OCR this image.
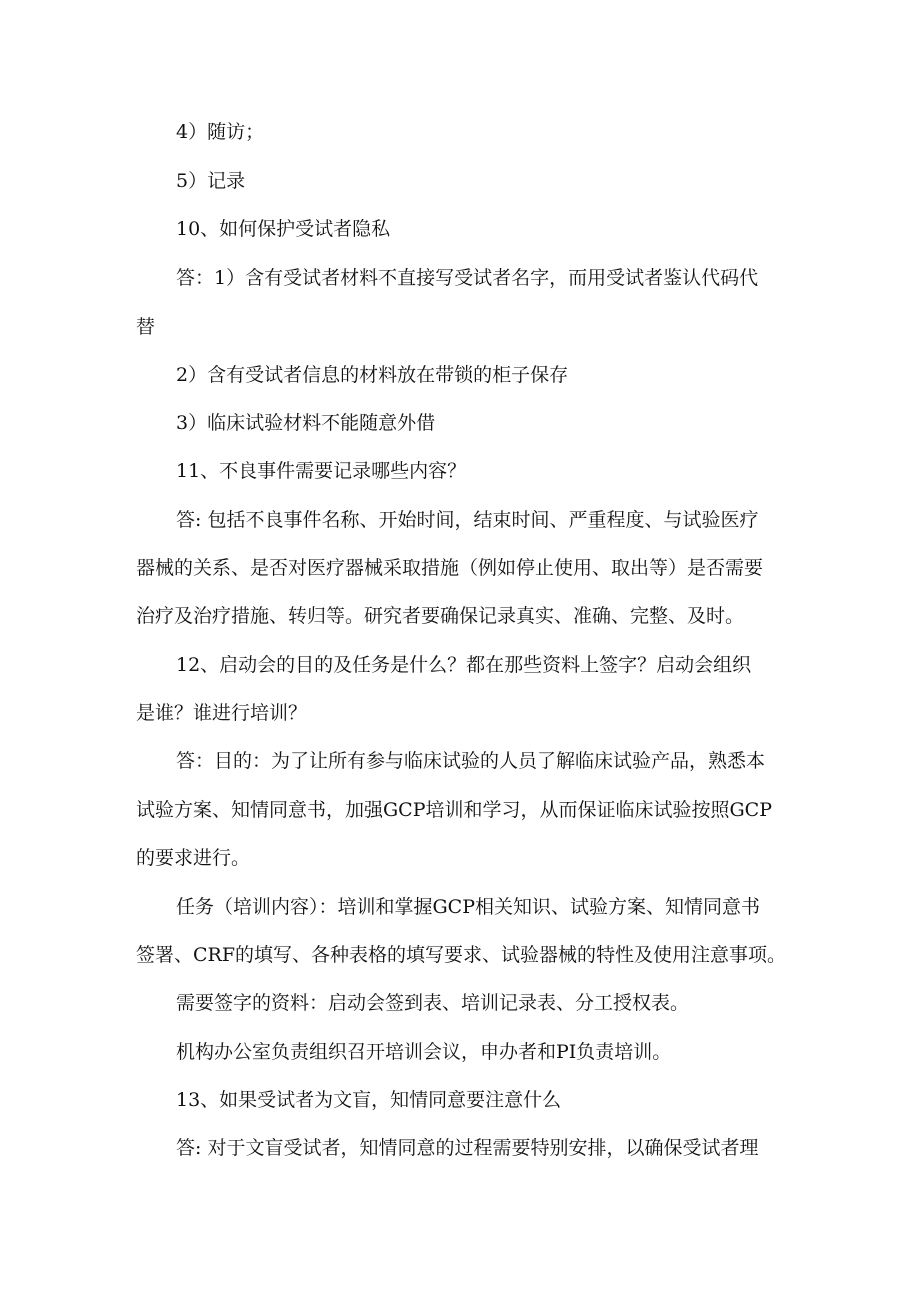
4）随访；
5）记录
10、如何保护受试者隐私
答：1）含有受试者材料不直接写受试者名字，而用受试者鉴认代码代
替
2）含有受试者信息的材料放在带锁的柜子保存
3）临床试验材料不能随意外借
11、不良事件需要记录哪些内容？
答: 包括不良事件名称、开始时间，结束时间、严重程度、与试验医疗
器械的关系、是否对医疗器械采取措施（例如停止使用、取出等）是否需要
治疗及治疗措施、转归等。研究者要确保记录真实、准确、完整、及时。
12、启动会的目的及任务是什么？都在那些资料上签字？启动会组织
是谁？谁进行培训？
答：目的：为了让所有参与临床试验的人员了解临床试验产品，熟悉本
试验方案、知情同意书，加强GCP培训和学习，从而保证临床试验按照GCP
的要求进行。
任务（培训内容）：培训和掌握GCP相关知识、试验方案、知情同意书
签署、CRF的填写、各种表格的填写要求、试验器械的特性及使用注意事项。
需要签字的资料：启动会签到表、培训记录表、分工授权表。
机构办公室负责组织召开培训会议，申办者和PI负责培训。
13、如果受试者为文盲，知情同意要注意什么
答: 对于文盲受试者，知情同意的过程需要特别安排，以确保受试者理
